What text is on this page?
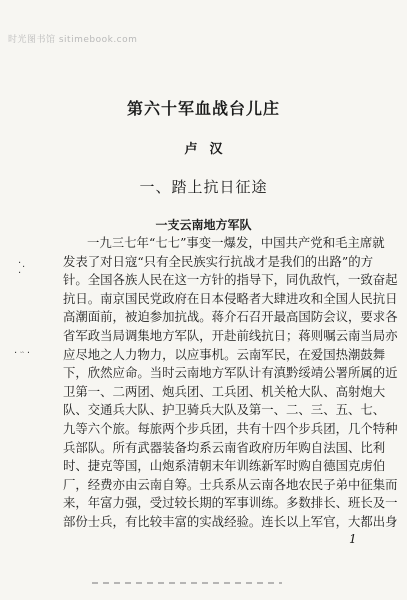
时光图书馆 sitimebook.com
第六十军血战台儿庄
卢汉
一、踏上抗日征途
一支云南地方军队
一九三七年“七七”事变一爆发，中国共产党和毛主席就
发表了对日寇“只有全民族实行抗战才是我们的出路”的方
针。全国各族人民在这一方针的指导下，同仇敌忾，一致奋起
抗日。南京国民党政府在日本侵略者大肆进攻和全国人民抗日
高潮面前，被迫参加抗战。蒋介石召开最高国防会议，要求各
省军政当局调集地方军队，开赴前线抗日；蒋则嘱云南当局亦
应尽地之人力物力，以应事机。云南军民，在爱国热潮鼓舞
下，欣然应命。当时云南地方军队计有滇黔绥靖公署所属的近
卫第一、二两团、炮兵团、工兵团、机关枪大队、高射炮大
队、交通兵大队、护卫骑兵大队及第一、二、三、五、七、
九等六个旅。每旅两个步兵团，共有十四个步兵团，几个特种
兵部队。所有武器装备均系云南省政府历年购自法国、比利
时、捷克等国，山炮系清朝末年训练新军时购自德国克虏伯
厂，经费亦由云南自筹。士兵系从云南各地农民子弟中征集而
来，年富力强，受过较长期的军事训练。多数排长、班长及一
部份士兵，有比较丰富的实战经验。连长以上军官，大都出身
·
·
·
·ᆢ·
1
